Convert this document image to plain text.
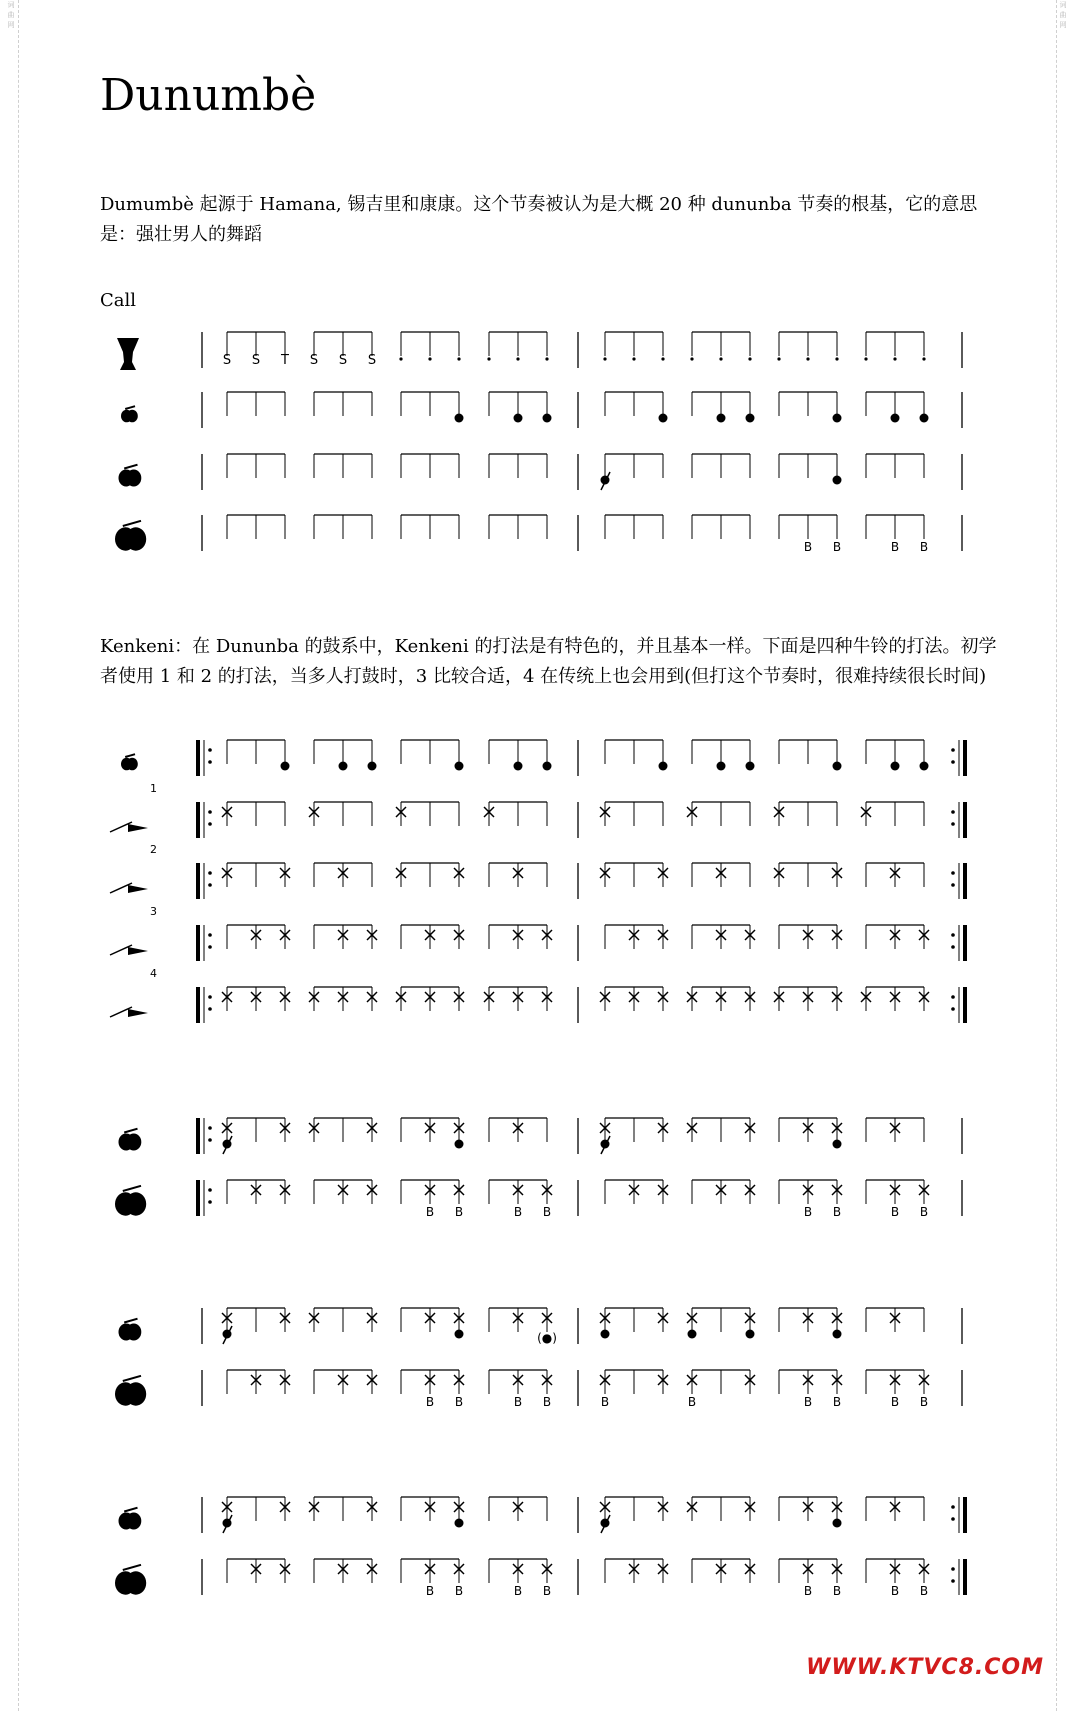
词
曲
网
词
曲
网
Dunumbè

Dumumbè 起源于 Hamana, 锡吉里和康康。这个节奏被认为是大概 20 种 dununba 节奏的根基，它的意思是：强壮男人的舞蹈

Call

Kenkeni：在 Dununba 的鼓系中，Kenkeni 的打法是有特色的，并且基本一样。下面是四种牛铃的打法。初学者使用 1 和 2 的打法，当多人打鼓时，3 比较合适，4 在传统上也会用到(但打这个节奏时，很难持续很长时间)

S S T S S S
B B	B B
1
2
3
4
B B	B B	B B	B B
(●)
B B	B B	B	B	B B	B B
B B	B B	B B	B B
WWW.KTVC8.COM
